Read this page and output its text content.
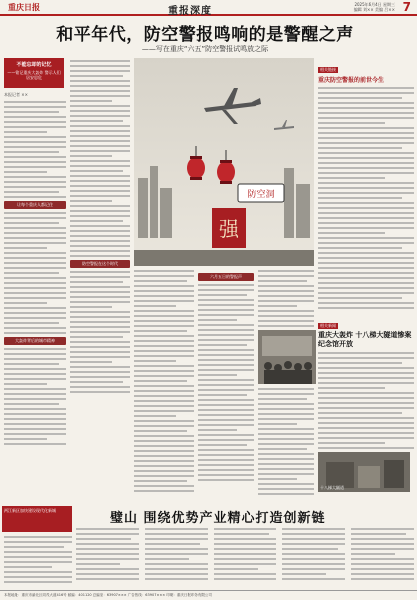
重庆日报	重报深度
2025年6月4日 星期三
编辑 刘×× 美编 吕×× 7
和平年代，防空警报鸣响的是警醒之声
——写在重庆“六五”防空警报试鸣放之际
不能忘却的记忆
——铭记重庆大轰炸 警示人们居安思危
本报记者 ××
让每个重庆人都记住
大轰炸背后的城市精神
防空警报在这个时代
六月五日的警报声
防空洞
强
相关链接
重庆防空警报的前世今生
相关新闻
重庆大轰炸 十八梯大隧道惨案纪念馆开放
十八梯大隧道
两江新区加快建设现代化新城
璧山 围绕优势产业精心打造创新链
本报地址：重庆市渝北区同茂大道416号 邮编：401120 总编室：63907××× 广告热线：63907××× 印刷：重庆日报印务有限公司
